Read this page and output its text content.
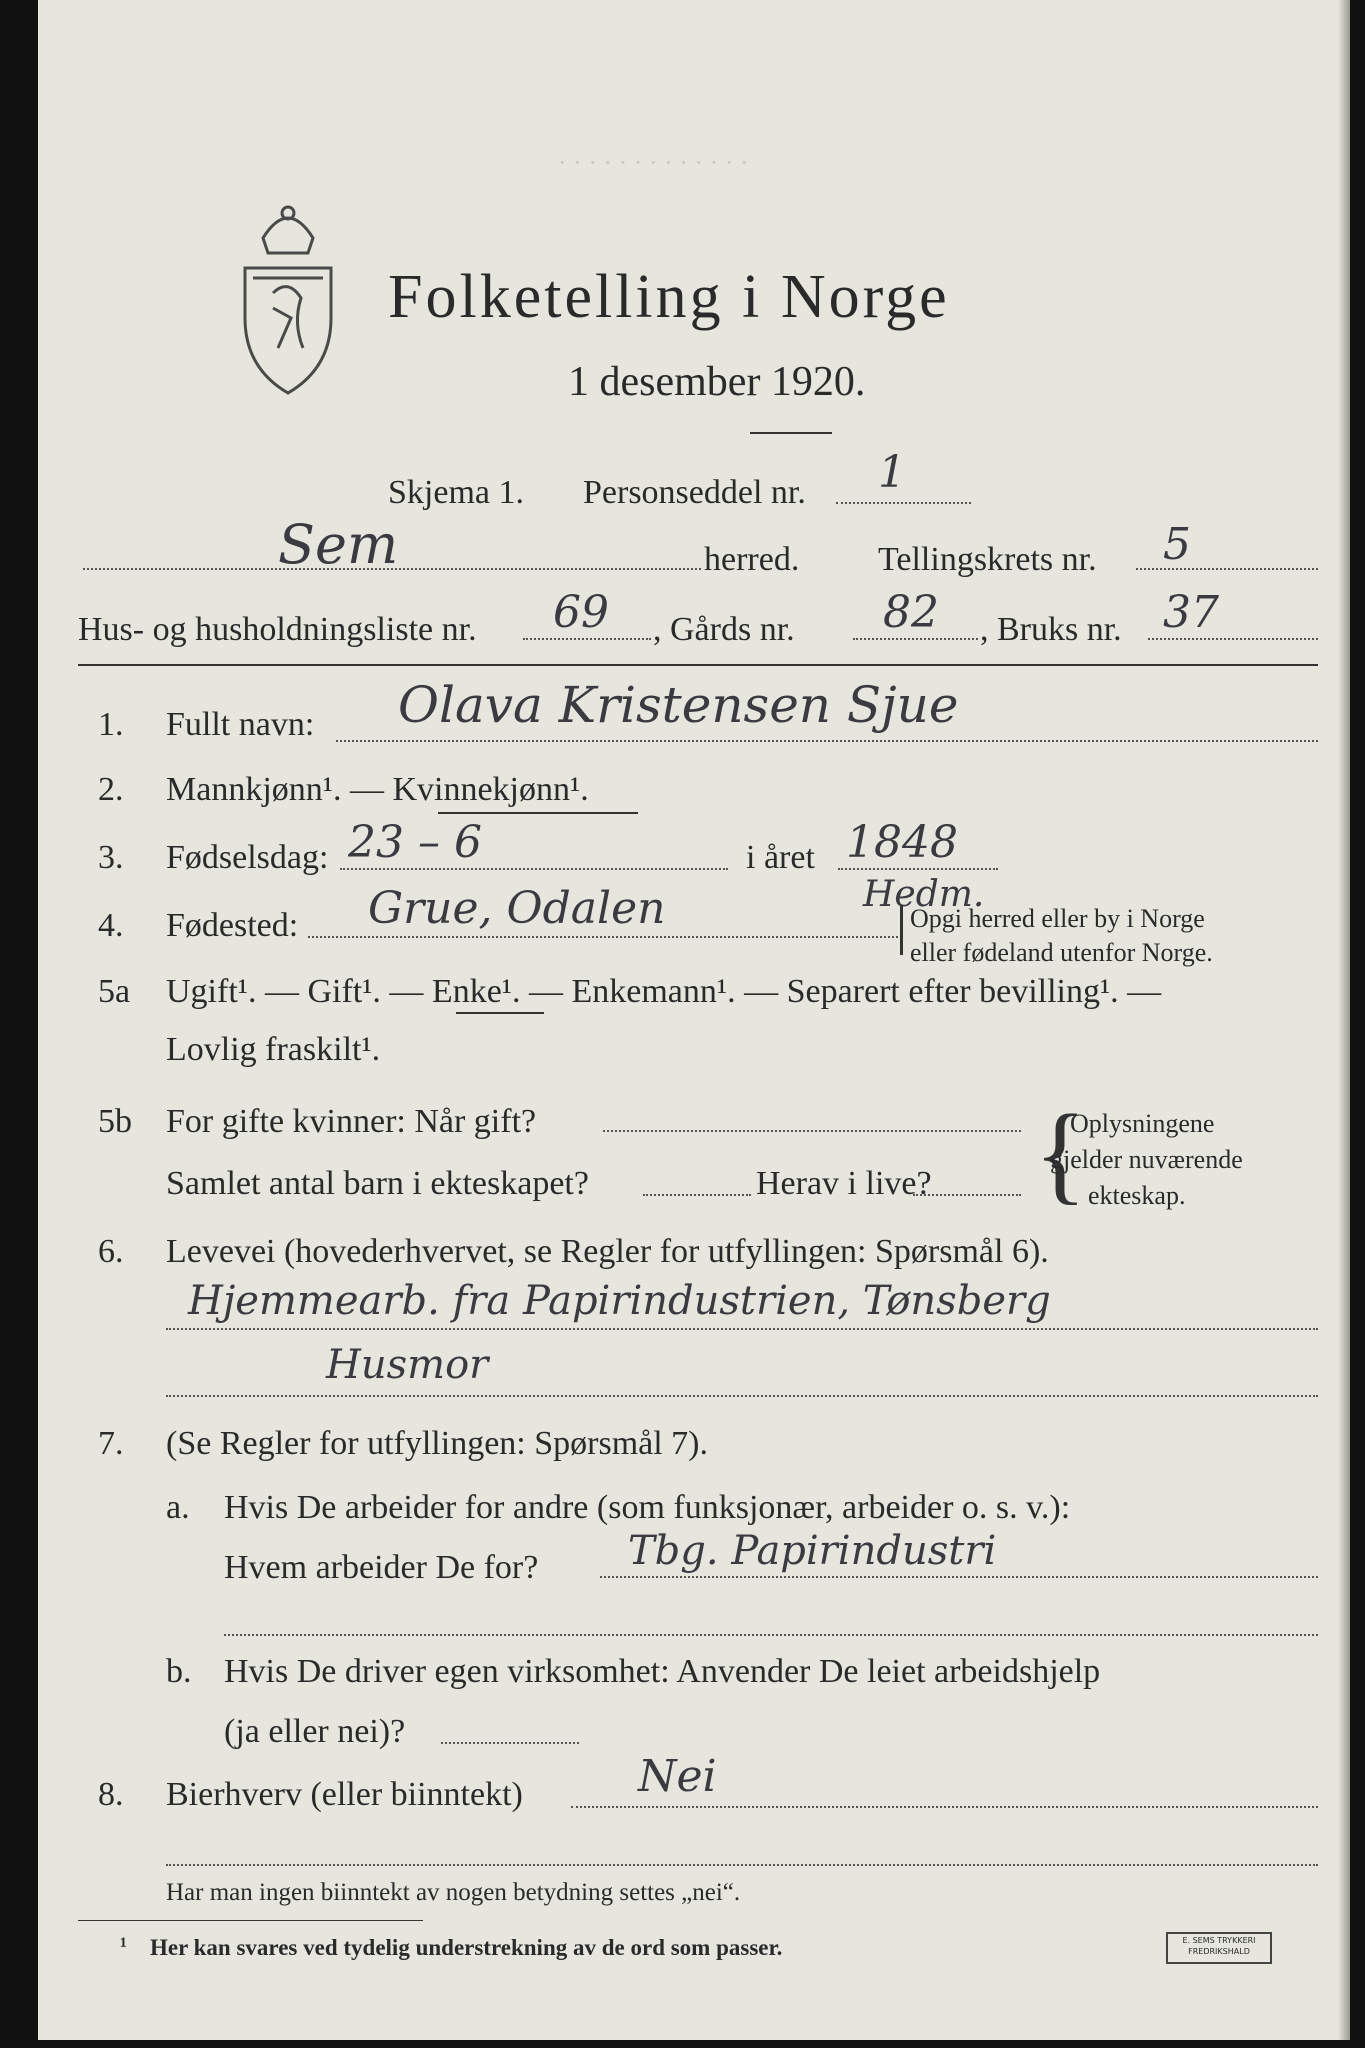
· · · · · · · · · · · · ·
Folketelling i Norge
1 desember 1920.
Skjema 1. Personseddel nr. 1
Sem	herred. Tellingskrets nr. 5
Hus- og husholdningsliste nr. 69 , Gårds nr. 82 , Bruks nr. 37
1. Fullt navn: Olava Kristensen Sjue
2. Mannkjønn¹. — Kvinnekjønn¹.
3. Fødselsdag: 23 – 6	i året 1848
4. Fødested: Grue, Odalen	Hedm.
Opgi herred eller by i Norge
eller fødeland utenfor Norge.
5a Ugift¹. — Gift¹. — Enke¹. — Enkemann¹. — Separert efter bevilling¹. —
Lovlig fraskilt¹.
5b For gifte kvinner: Når gift?
Samlet antal barn i ekteskapet?	Herav i live? {
Oplysningene
gjelder nuværende
ekteskap.
6. Levevei (hovederhvervet, se Regler for utfyllingen: Spørsmål 6).
Hjemmearb. fra Papirindustrien, Tønsberg
Husmor
7. (Se Regler for utfyllingen: Spørsmål 7).
a. Hvis De arbeider for andre (som funksjonær, arbeider o. s. v.):
Hvem arbeider De for? Tbg. Papirindustri
b. Hvis De driver egen virksomhet: Anvender De leiet arbeidshjelp
(ja eller nei)?
8. Bierhverv (eller biinntekt)	Nei
Har man ingen biinntekt av nogen betydning settes „nei“.
¹ Her kan svares ved tydelig understrekning av de ord som passer.	E. SEMS TRYKKERI
FREDRIKSHALD
